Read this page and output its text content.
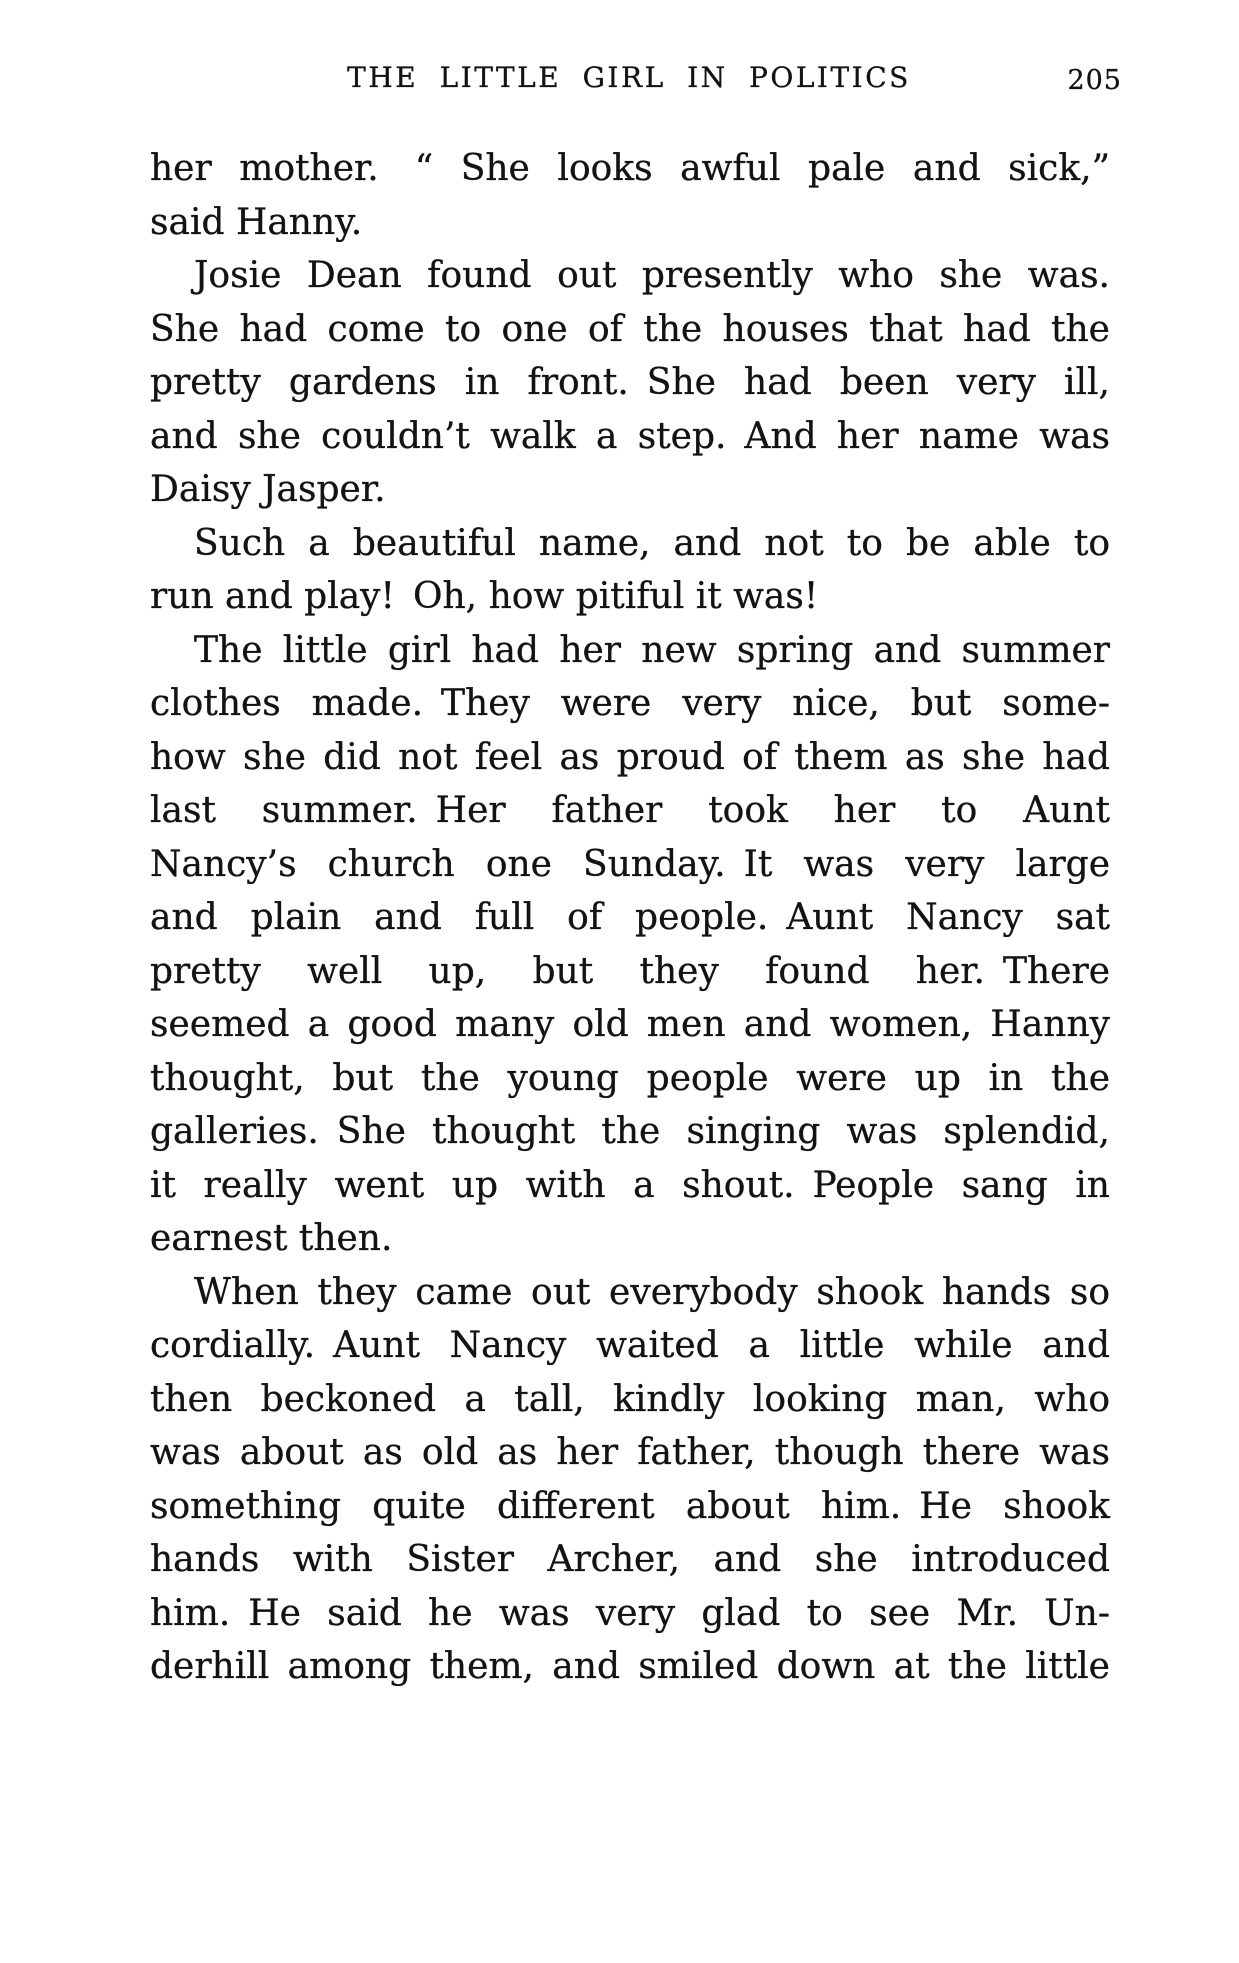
THE LITTLE GIRL IN POLITICS	205
her mother. “ She looks awful pale and sick,”
said Hanny.
Josie Dean found out presently who she was.
She had come to one of the houses that had the
pretty gardens in front. She had been very ill,
and she couldn’t walk a step. And her name was
Daisy Jasper.
Such a beautiful name, and not to be able to
run and play! Oh, how pitiful it was!
The little girl had her new spring and summer
clothes made. They were very nice, but some-
how she did not feel as proud of them as she had
last summer. Her father took her to Aunt
Nancy’s church one Sunday. It was very large
and plain and full of people. Aunt Nancy sat
pretty well up, but they found her. There
seemed a good many old men and women, Hanny
thought, but the young people were up in the
galleries. She thought the singing was splendid,
it really went up with a shout. People sang in
earnest then.
When they came out everybody shook hands so
cordially. Aunt Nancy waited a little while and
then beckoned a tall, kindly looking man, who
was about as old as her father, though there was
something quite different about him. He shook
hands with Sister Archer, and she introduced
him. He said he was very glad to see Mr. Un-
derhill among them, and smiled down at the little
